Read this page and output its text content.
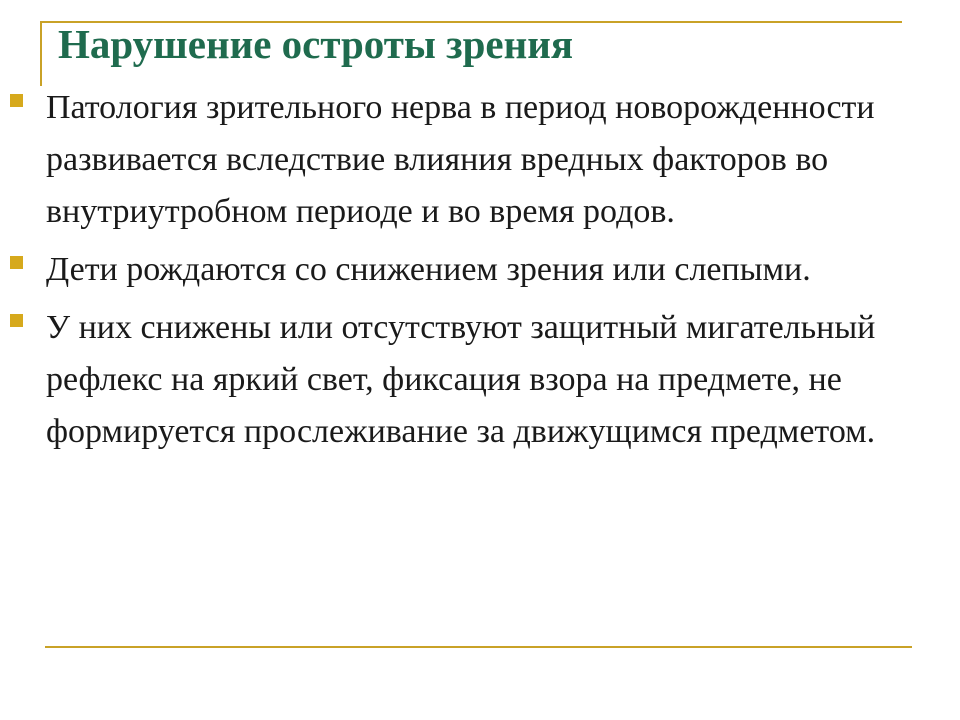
Нарушение остроты зрения
Патология зрительного нерва в период новорожденности развивается вследствие влияния вредных факторов во внутриутробном периоде и во время родов.
Дети рождаются со снижением зрения или слепыми.
У них снижены или отсутствуют защитный мигательный рефлекс на яркий свет, фиксация взора на предмете, не формируется прослеживание за движущимся предметом.
